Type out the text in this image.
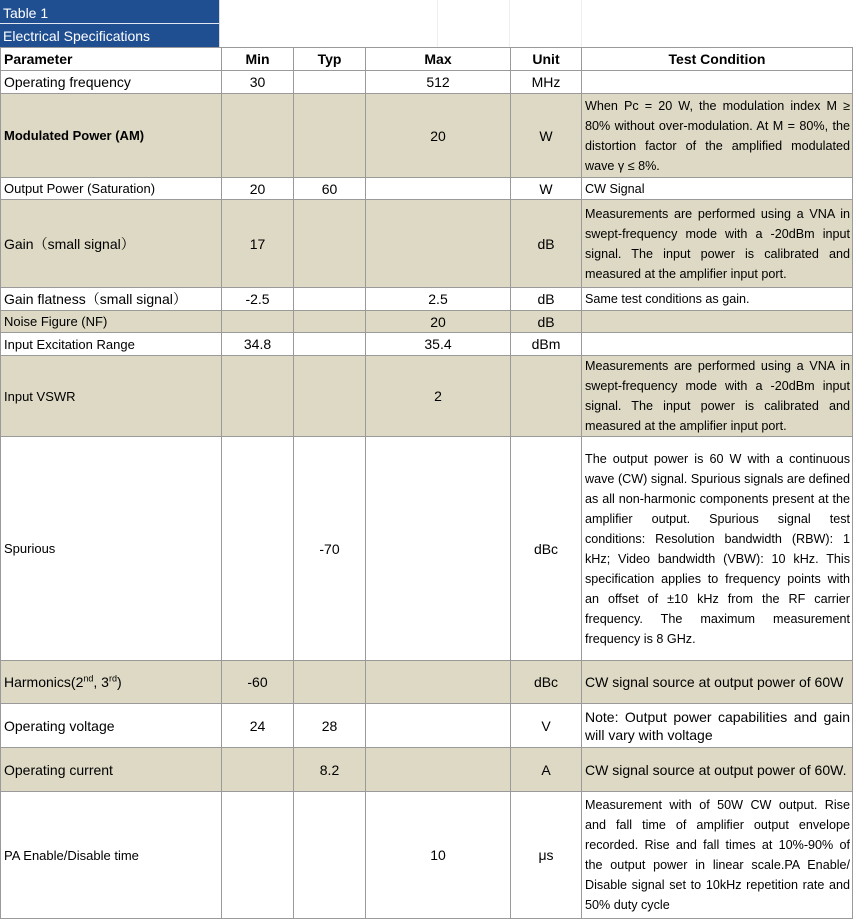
Table 1
Electrical Specifications
Parameter	Min	Typ	Max	Unit	Test Condition
Operating frequency	30		512	MHz	
Modulated Power (AM)			20	W	When Pc = 20 W, the modulation index M ≥ 80% without over-modulation. At M = 80%, the distortion factor of the amplified modulated wave γ ≤ 8%.
Output Power (Saturation)	20	60		W	CW Signal
Gain（small signal）	17			dB	Measurements are performed using a VNA in swept-frequency mode with a -20dBm input signal. The input power is calibrated and measured at the amplifier input port.
Gain flatness（small signal）	-2.5		2.5	dB	Same test conditions as gain.
Noise Figure (NF)			20	dB	
Input Excitation Range	34.8		35.4	dBm	
Input VSWR			2		Measurements are performed using a VNA in swept-frequency mode with a -20dBm input signal. The input power is calibrated and measured at the amplifier input port.
Spurious		-70		dBc	The output power is 60 W with a continuous wave (CW) signal. Spurious signals are defined as all non-harmonic components present at the amplifier output. Spurious signal test conditions: Resolution bandwidth (RBW): 1 kHz; Video bandwidth (VBW): 10 kHz. This specification applies to frequency points with an offset of ±10 kHz from the RF carrier frequency. The maximum measurement frequency is 8 GHz.
Harmonics(2nd, 3rd)	-60			dBc	CW signal source at output power of 60W
Operating voltage	24	28		V	Note: Output power capabilities and gain will vary with voltage
Operating current		8.2		A	CW signal source at output power of 60W.
PA Enable/Disable time			10	μs	Measurement with of 50W CW output. Rise and fall time of amplifier output envelope recorded. Rise and fall times at 10%-90% of the output power in linear scale.PA Enable/ Disable signal set to 10kHz repetition rate and 50% duty cycle
